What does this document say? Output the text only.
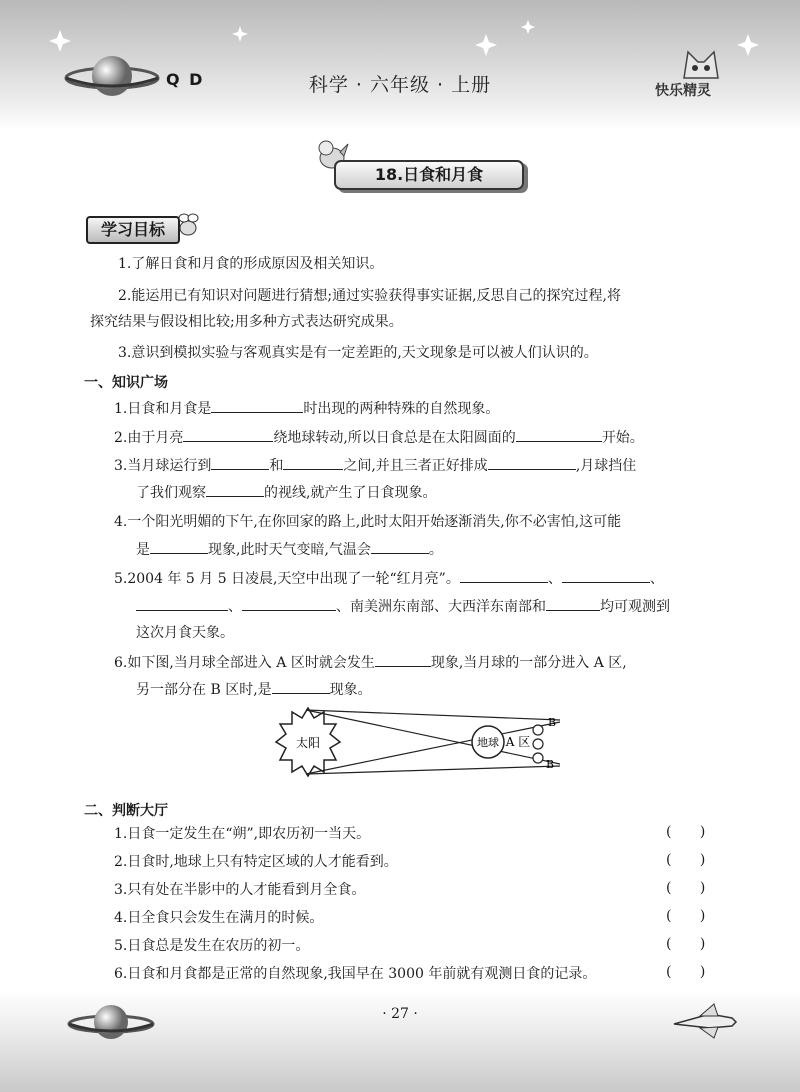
Q D	科学 · 六年级 · 上册	快乐精灵
18.日食和月食
学习目标
1.了解日食和月食的形成原因及相关知识。
2.能运用已有知识对问题进行猜想;通过实验获得事实证据,反思自己的探究过程,将
探究结果与假设相比较;用多种方式表达研究成果。
3.意识到模拟实验与客观真实是有一定差距的,天文现象是可以被人们认识的。
一、知识广场
1.日食和月食是	时出现的两种特殊的自然现象。
2.由于月亮	绕地球转动,所以日食总是在太阳圆面的	开始。
3.当月球运行到	和	之间,并且三者正好排成	,月球挡住
了我们观察	的视线,就产生了日食现象。
4.一个阳光明媚的下午,在你回家的路上,此时太阳开始逐渐消失,你不必害怕,这可能
是	现象,此时天气变暗,气温会	。
5.2004 年 5 月 5 日凌晨,天空中出现了一轮“红月亮”。	、	、
、	、南美洲东南部、大西洋东南部和	均可观测到
这次月食天象。
6.如下图,当月球全部进入 A 区时就会发生	现象,当月球的一部分进入 A 区,
另一部分在 B 区时,是	现象。
太阳	地球 A 区
B
B
二、判断大厅
1.日食一定发生在“朔”,即农历初一当天。	( )
2.日食时,地球上只有特定区域的人才能看到。	( )
3.只有处在半影中的人才能看到月全食。	( )
4.日全食只会发生在满月的时候。	( )
5.日食总是发生在农历的初一。	( )
6.日食和月食都是正常的自然现象,我国早在 3000 年前就有观测日食的记录。	( )
· 27 ·
